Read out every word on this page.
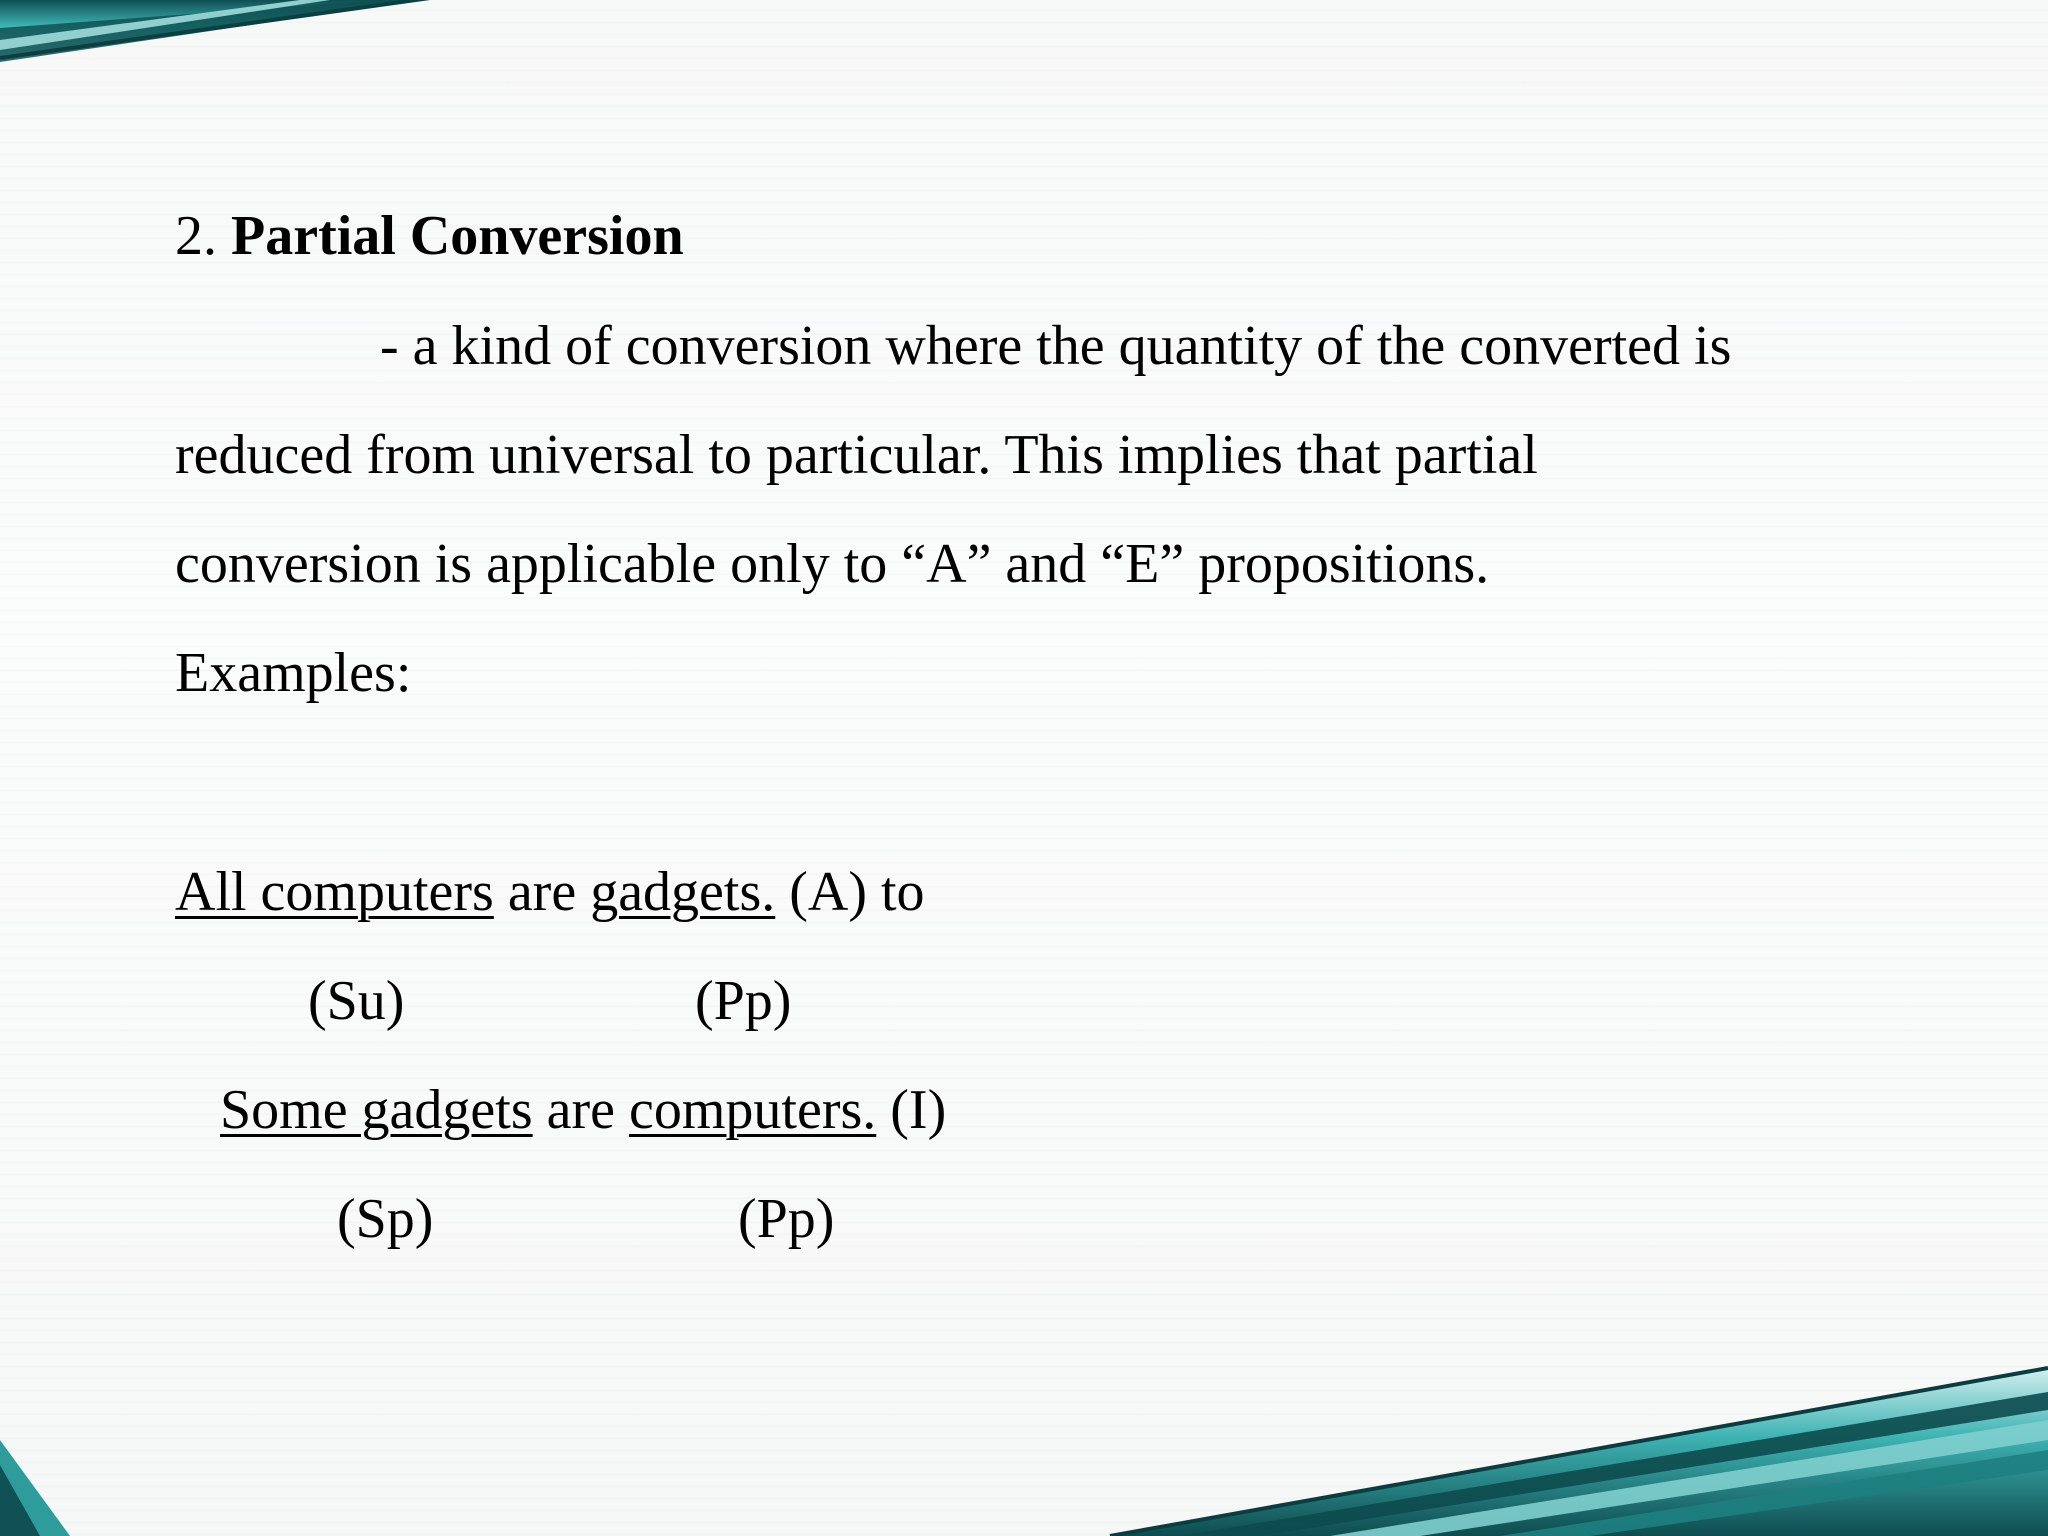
2. Partial Conversion
- a kind of conversion where the quantity of the converted is
reduced from universal to particular. This implies that partial
conversion is applicable only to “A” and “E” propositions.
Examples:
All computers are gadgets. (A) to
(Su)	(Pp)
Some gadgets are computers. (I)
(Sp)	(Pp)
